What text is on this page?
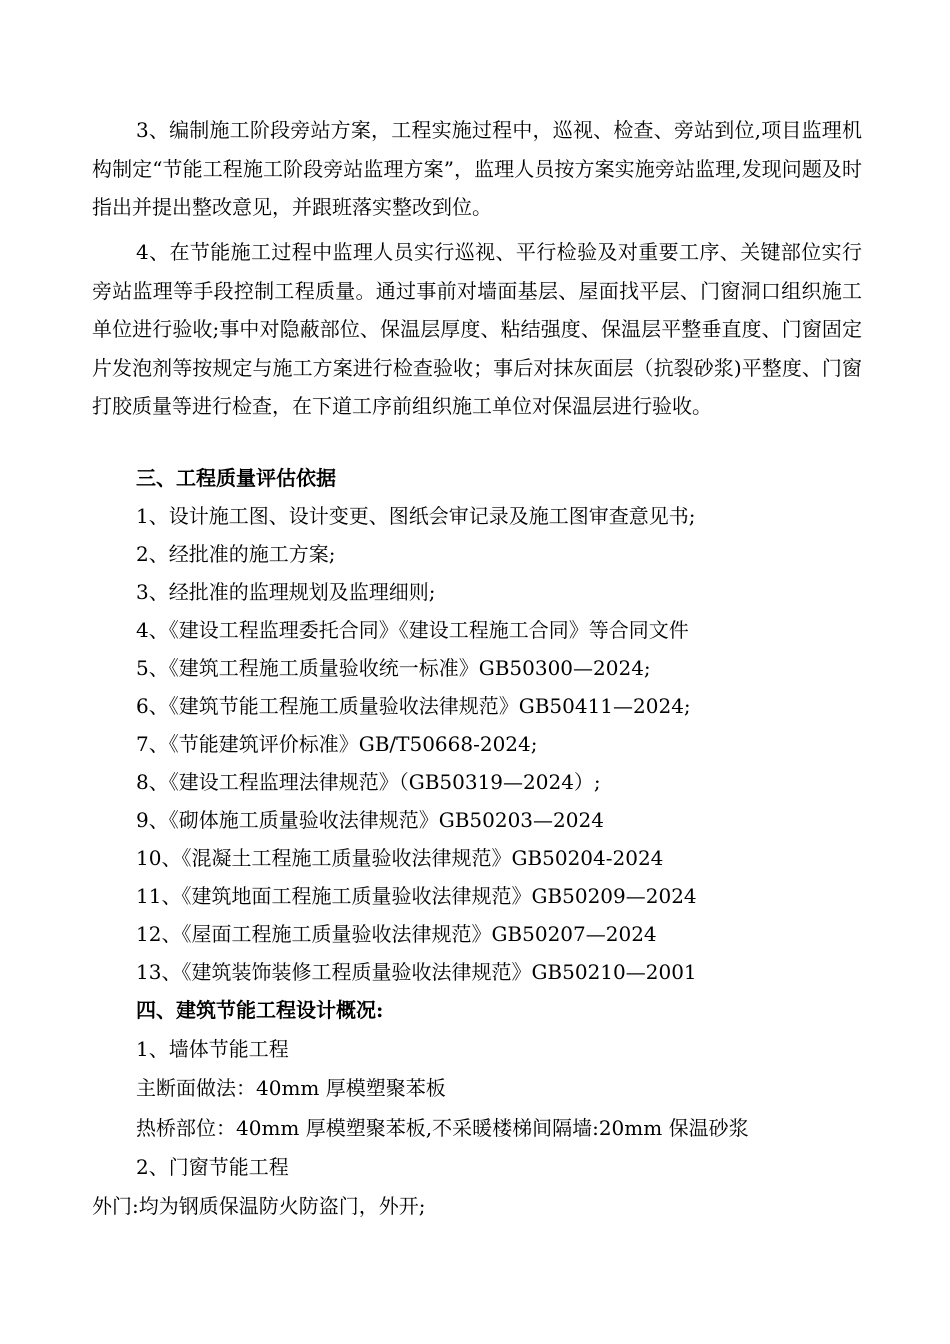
3、编制施工阶段旁站方案，工程实施过程中，巡视、检查、旁站到位,项目监理机构制定“节能工程施工阶段旁站监理方案”，监理人员按方案实施旁站监理,发现问题及时指出并提出整改意见，并跟班落实整改到位。

4、在节能施工过程中监理人员实行巡视、平行检验及对重要工序、关键部位实行旁站监理等手段控制工程质量。通过事前对墙面基层、屋面找平层、门窗洞口组织施工单位进行验收;事中对隐蔽部位、保温层厚度、粘结强度、保温层平整垂直度、门窗固定片发泡剂等按规定与施工方案进行检查验收；事后对抹灰面层（抗裂砂浆)平整度、门窗打胶质量等进行检查，在下道工序前组织施工单位对保温层进行验收。

三、工程质量评估依据

1、设计施工图、设计变更、图纸会审记录及施工图审查意见书;

2、经批准的施工方案;

3、经批准的监理规划及监理细则;

4、《建设工程监理委托合同》《建设工程施工合同》等合同文件

5、《建筑工程施工质量验收统一标准》GB50300—2024;

6、《建筑节能工程施工质量验收法律规范》GB50411—2024;

7、《节能建筑评价标准》GB/T50668-2024;

8、《建设工程监理法律规范》（GB50319—2024）;

9、《砌体施工质量验收法律规范》GB50203—2024

10、《混凝土工程施工质量验收法律规范》GB50204-2024

11、《建筑地面工程施工质量验收法律规范》GB50209—2024

12、《屋面工程施工质量验收法律规范》GB50207—2024

13、《建筑装饰装修工程质量验收法律规范》GB50210—2001

四、建筑节能工程设计概况:

1、墙体节能工程

主断面做法：40mm 厚模塑聚苯板

热桥部位：40mm 厚模塑聚苯板,不采暖楼梯间隔墙:20mm 保温砂浆

2、门窗节能工程

外门:均为钢质保温防火防盗门，外开;
